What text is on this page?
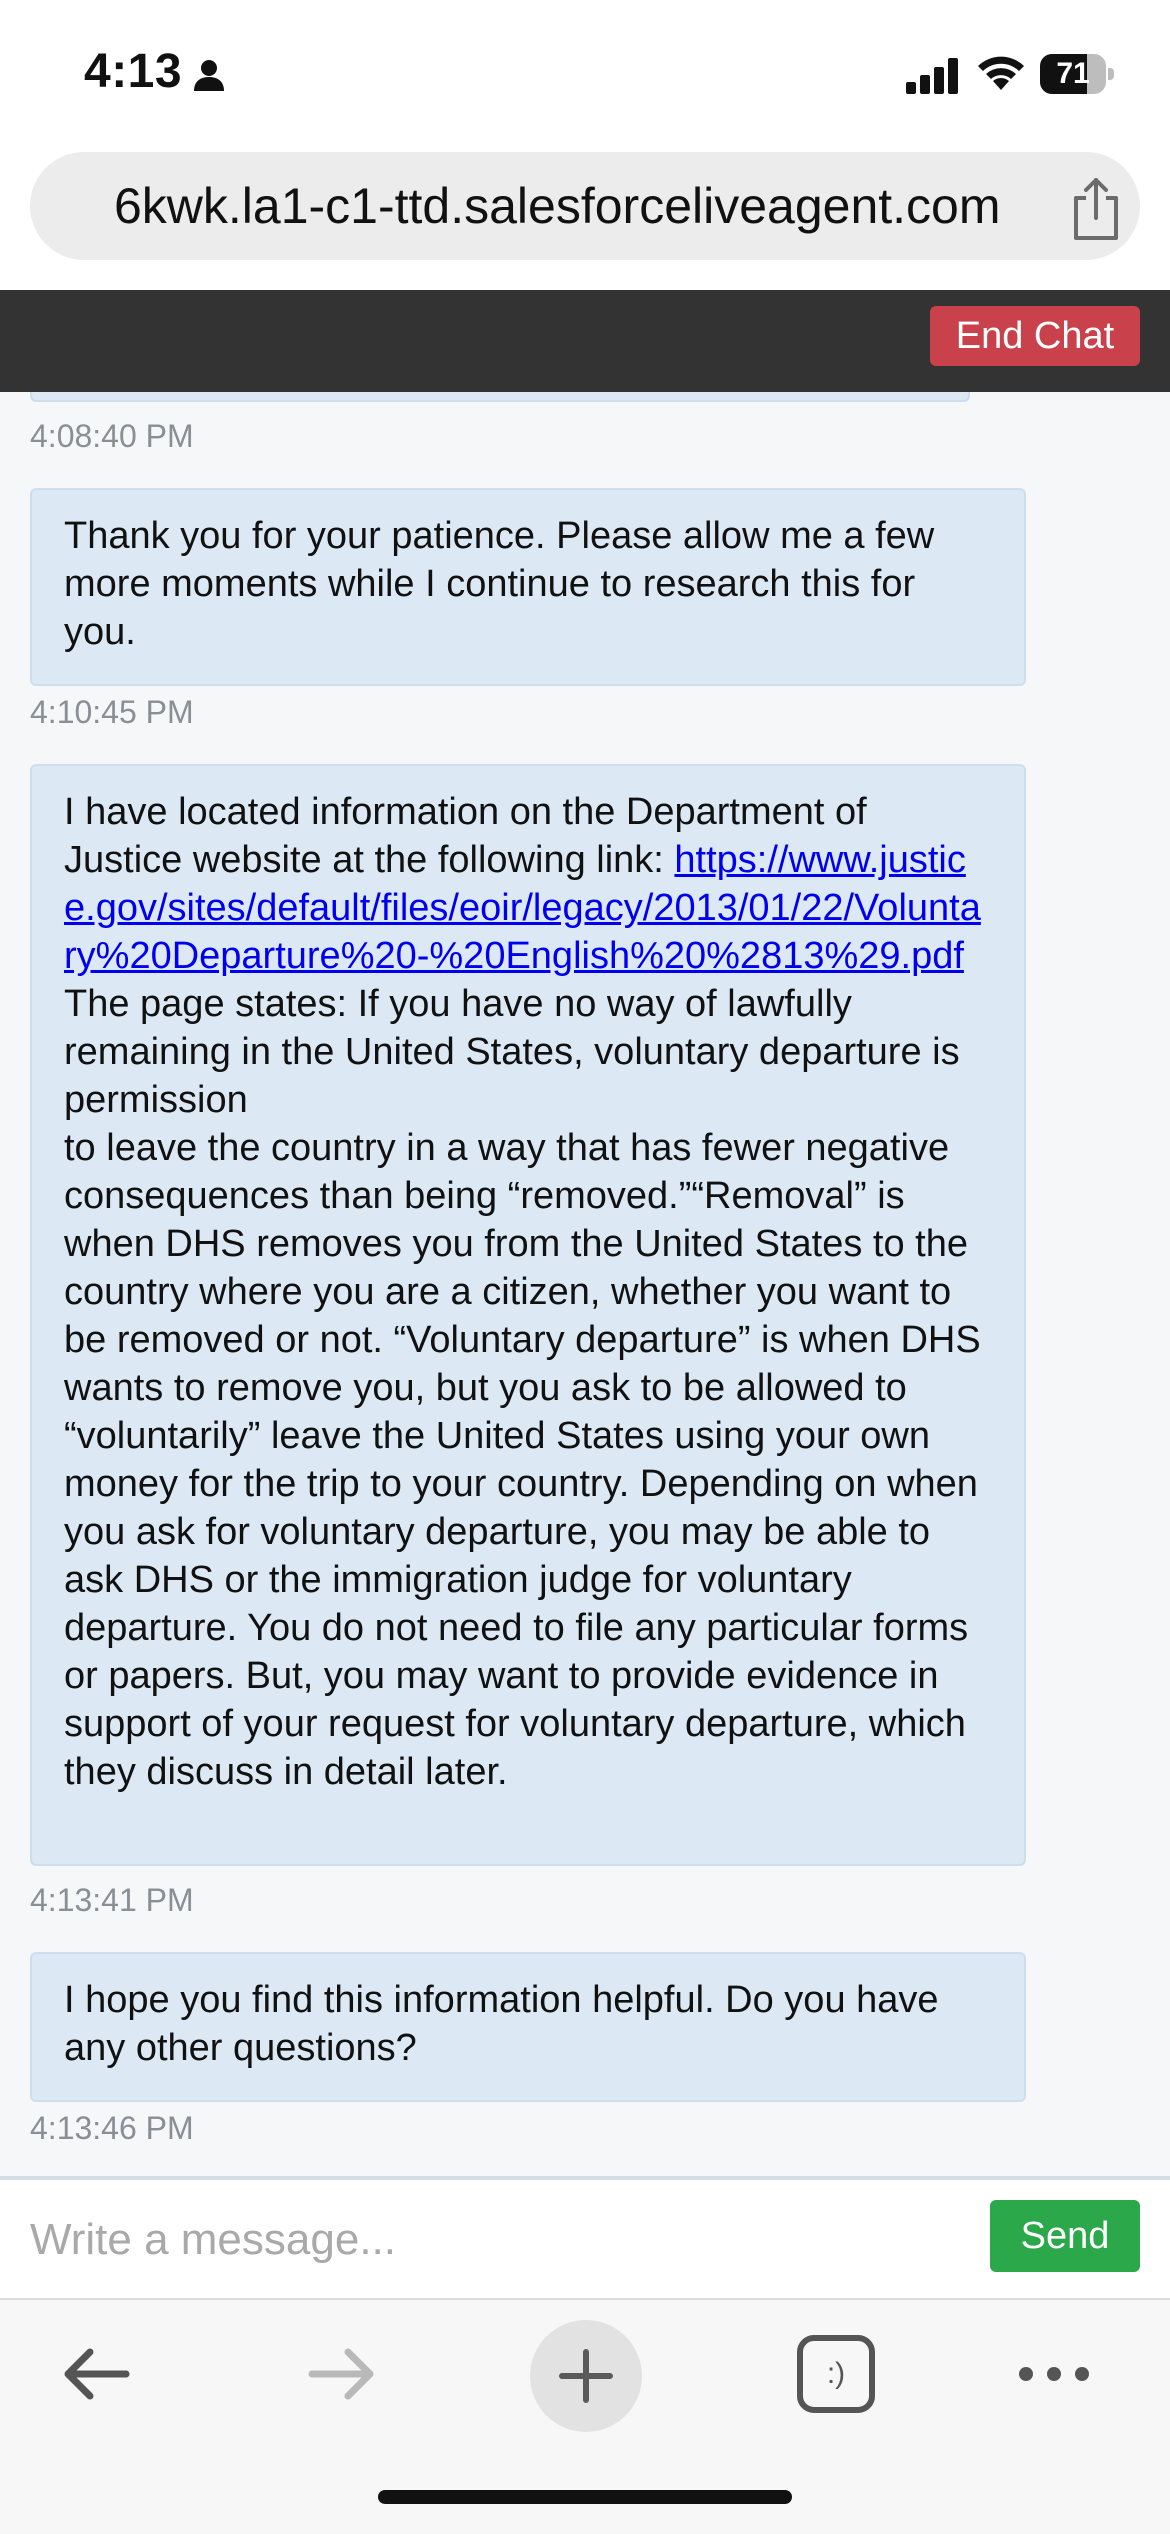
4:13	71
6kwk.la1-c1-ttd.salesforceliveagent.com
End Chat
4:08:40 PM
Thank you for your patience. Please allow me a few more moments while I continue to research this for you.
4:10:45 PM
I have located information on the Department of Justice website at the following link: https://www.justice.gov/sites/default/files/eoir/legacy/2013/01/22/Voluntary%20Departure%20-%20English%20%2813%29.pdf
The page states: If you have no way of lawfully remaining in the United States, voluntary departure is permission
to leave the country in a way that has fewer negative consequences than being “removed.”“Removal” is when DHS removes you from the United States to the country where you are a citizen, whether you want to be removed or not. “Voluntary departure” is when DHS wants to remove you, but you ask to be allowed to “voluntarily” leave the United States using your own money for the trip to your country. Depending on when you ask for voluntary departure, you may be able to ask DHS or the immigration judge for voluntary departure. You do not need to file any particular forms or papers. But, you may want to provide evidence in support of your request for voluntary departure, which they discuss in detail later.
4:13:41 PM
I hope you find this information helpful. Do you have any other questions?
4:13:46 PM
Write a message...
Send
:)
